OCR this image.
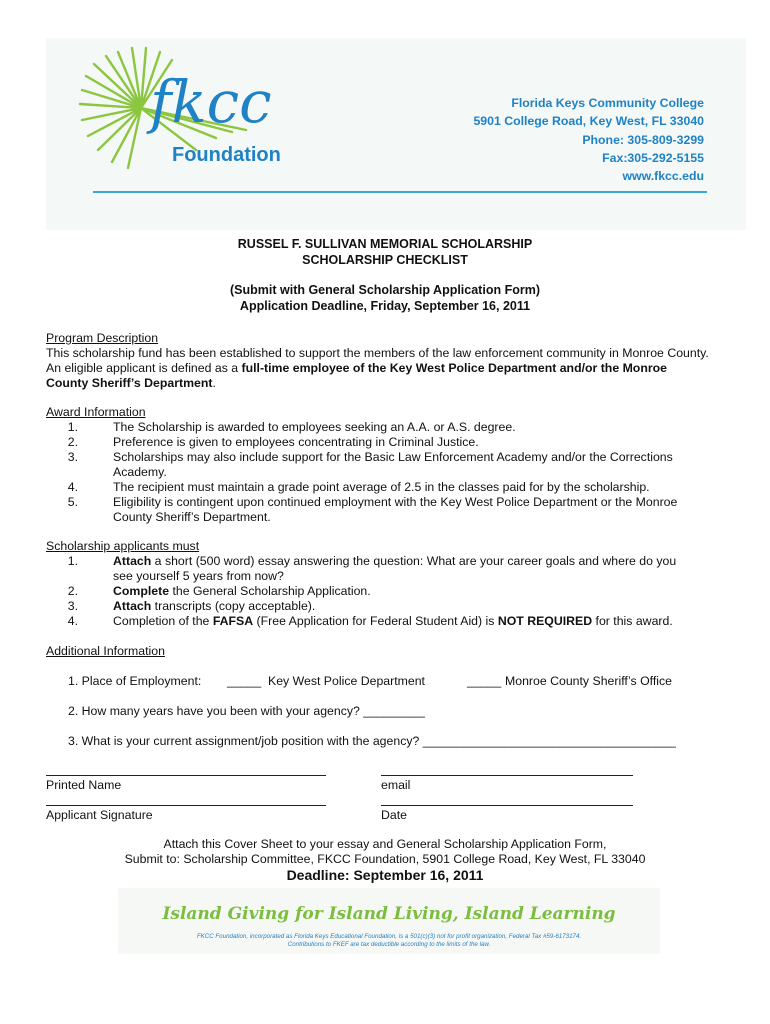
fkcc
Foundation
Florida Keys Community College
5901 College Road, Key West, FL 33040
Phone: 305-809-3299
Fax:305-292-5155
www.fkcc.edu
RUSSEL F. SULLIVAN MEMORIAL SCHOLARSHIP
SCHOLARSHIP CHECKLIST
(Submit with General Scholarship Application Form)
Application Deadline, Friday, September 16, 2011
Program Description
This scholarship fund has been established to support the members of the law enforcement community in Monroe County.
An eligible applicant is defined as a full-time employee of the Key West Police Department and/or the Monroe
County Sheriff’s Department.
Award Information
1.	The Scholarship is awarded to employees seeking an A.A. or A.S. degree.
2.	Preference is given to employees concentrating in Criminal Justice.
3.	Scholarships may also include support for the Basic Law Enforcement Academy and/or the Corrections
Academy.
4.	The recipient must maintain a grade point average of 2.5 in the classes paid for by the scholarship.
5.	Eligibility is contingent upon continued employment with the Key West Police Department or the Monroe
County Sheriff’s Department.
Scholarship applicants must
1.	Attach a short (500 word) essay answering the question: What are your career goals and where do you
see yourself 5 years from now?
2.	Complete the General Scholarship Application.
3.	Attach transcripts (copy acceptable).
4.	Completion of the FAFSA (Free Application for Federal Student Aid) is NOT REQUIRED for this award.
Additional Information
1. Place of Employment: _____ Key West Police Department	_____ Monroe County Sheriff’s Office
2. How many years have you been with your agency? _________
3. What is your current assignment/job position with the agency? _____________________________________
Printed Name	email
Applicant Signature	Date
Attach this Cover Sheet to your essay and General Scholarship Application Form,
Submit to: Scholarship Committee, FKCC Foundation, 5901 College Road, Key West, FL 33040
Deadline: September 16, 2011
Island Giving for Island Living, Island Learning
FKCC Foundation, incorporated as Florida Keys Educational Foundation, is a 501(c)(3) not for profit organization, Federal Tax #59-6173174.
Contributions to FKEF are tax deductible according to the limits of the law.
